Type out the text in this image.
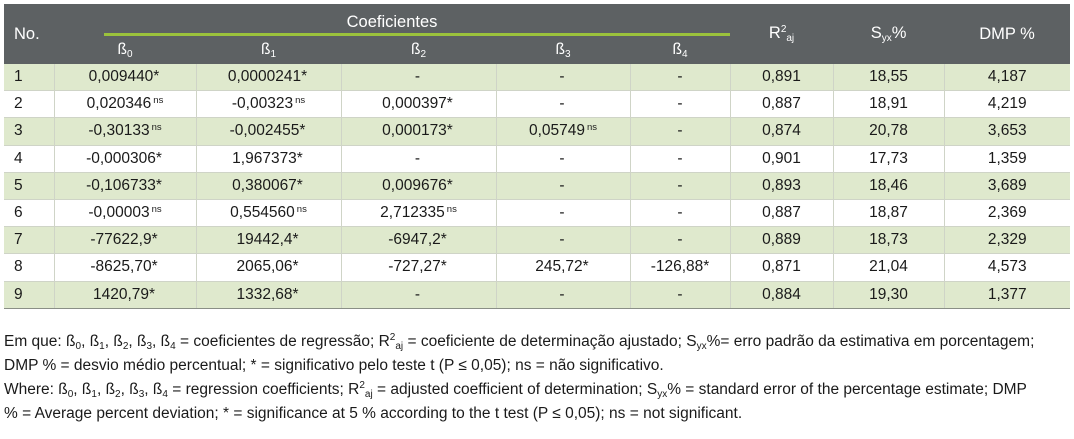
No.	Coeficientes					$R^2_{aj}$	$S_{yx}\%$	DMP %
	$ß_0$	$ß_1$	$ß_2$	$ß_3$	$ß_4$
1	0,009440*	0,0000241*	-	-	-	0,891	18,55	4,187
2	0,020346 $^{ns}$	-0,00323 $^{ns}$	0,000397*	-	-	0,887	18,91	4,219
3	-0,30133 $^{ns}$	-0,002455*	0,000173*	0,05749 $^{ns}$	-	0,874	20,78	3,653
4	-0,000306*	1,967373*	-	-	-	0,901	17,73	1,359
5	-0,106733*	0,380067*	0,009676*	-	-	0,893	18,46	3,689
6	-0,00003 $^{ns}$	0,554560 $^{ns}$	2,712335 $^{ns}$	-	-	0,887	18,87	2,369
7	-77622,9*	19442,4*	-6947,2*	-	-	0,889	18,73	2,329
8	-8625,70*	2065,06*	-727,27*	245,72*	-126,88*	0,871	21,04	4,573
9	1420,79*	1332,68*	-	-	-	0,884	19,30	1,377
Em que: $ß_0$, $ß_1$, $ß_2$, $ß_3$, $ß_4$ = coeficientes de regressão; $R^2_{aj}$ = coeficiente de determinação ajustado; $S_{yx}\%=$ erro padrão da estimativa em porcentagem;
DMP % = desvio médio percentual; * = significativo pelo teste t (P ≤ 0,05); ns = não significativo.
Where: $ß_0$, $ß_1$, $ß_2$, $ß_3$, $ß_4$ = regression coefficients; $R^2_{aj}$ = adjusted coefficient of determination; $S_{yx}\%$ = standard error of the percentage estimate; DMP
% = Average percent deviation; * = significance at 5 % according to the t test (P ≤ 0,05); ns = not significant.
